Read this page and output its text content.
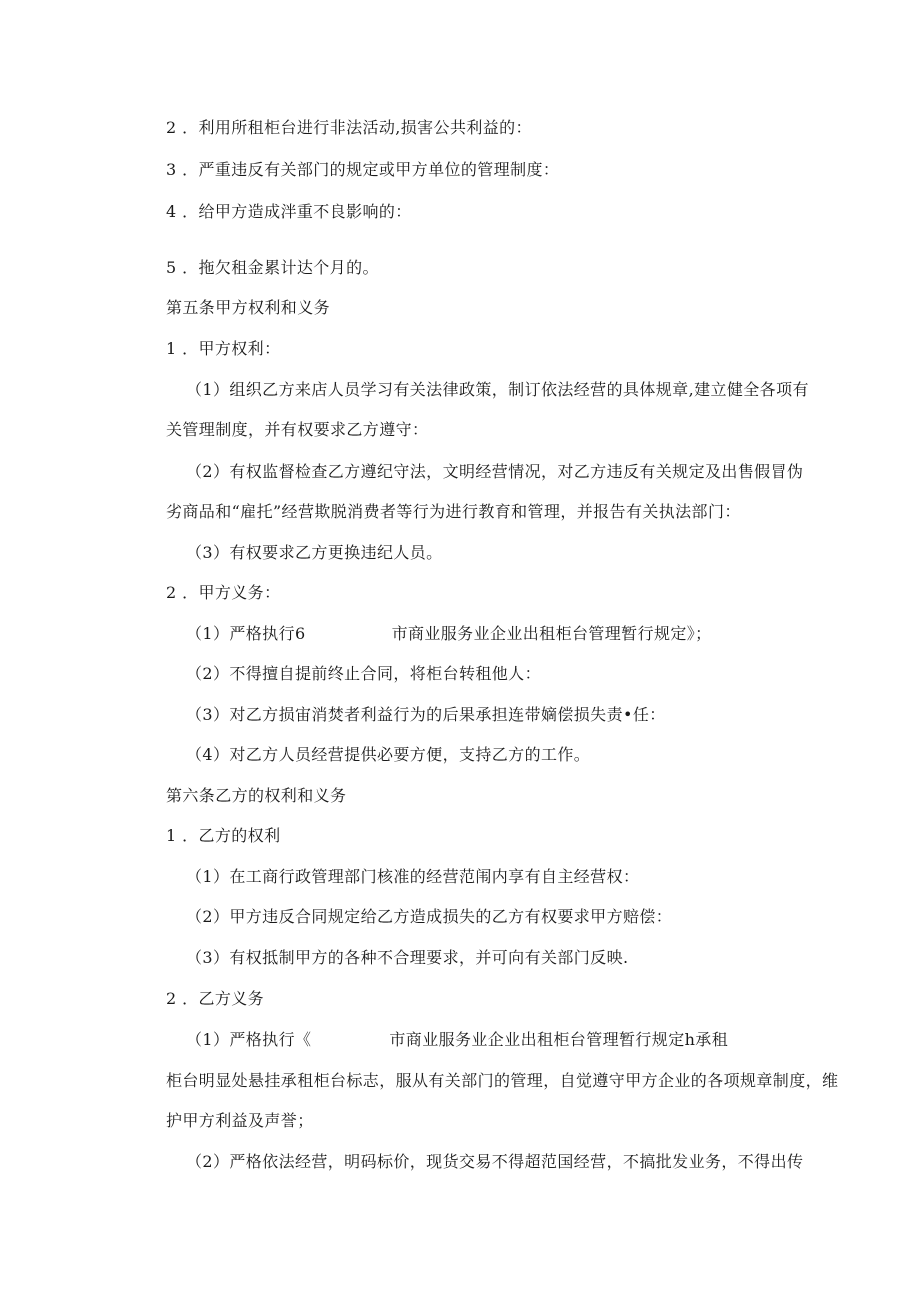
2 ．利用所租柜台进行非法活动,损害公共利益的：
3 ．严重违反有关部门的规定或甲方单位的管理制度：
4 ．给甲方造成泮重不良影响的：
5 ．拖欠租金累计达个月的。
第五条甲方权利和义务
1 ．甲方权利：
（1）组织乙方来店人员学习有关法律政策，制订依法经营的具体规章,建立健全各项有
关管理制度，并有权要求乙方遵守：
（2）有权监督检查乙方遵纪守法，文明经营情况，对乙方违反有关规定及出售假冒伪
劣商品和“雇托”经营欺脱消费者等行为进行教育和管理，并报告有关执法部门：
（3）有权要求乙方更换违纪人员。
2 ．甲方义务：
（1）严格执行6	市商业服务业企业出租柜台管理暂行规定》；
（2）不得擅自提前终止合同，将柜台转租他人：
（3）对乙方损宙消焚者利益行为的后果承担连带嫡偿损失责•任：
（4）对乙方人员经营提供必要方便，支持乙方的工作。
第六条乙方的权利和义务
1 ．乙方的权利
（1）在工商行政管理部门核准的经营范闱内享有自主经营权：
（2）甲方违反合同规定给乙方造成损失的乙方有权要求甲方赔偿：
（3）有权抵制甲方的各种不合理要求，并可向有关部门反映.
2 ．乙方义务
（1）严格执行《	市商业服务业企业出租柜台管理暂行规定h承租
柜台明显处悬挂承租柜台标志，服从有关部门的管理，自觉遵守甲方企业的各项规章制度，维
护甲方利益及声誉；
（2）严格依法经营，明码标价，现货交易不得超范国经营，不搞批发业务，不得出传
